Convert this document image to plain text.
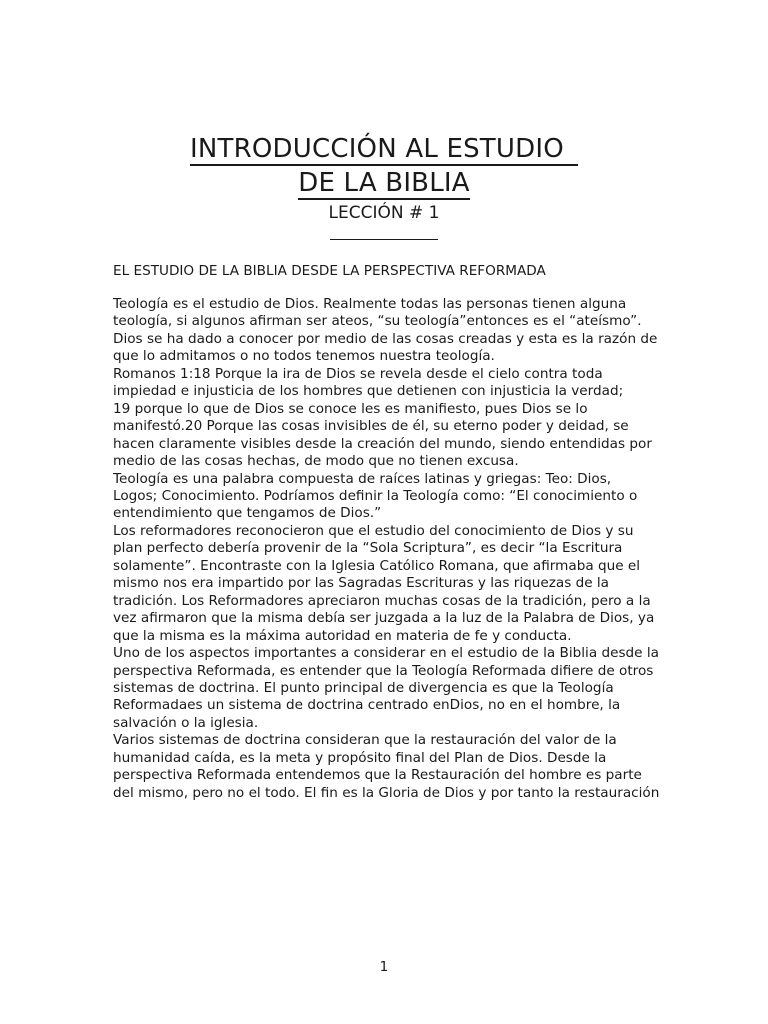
INTRODUCCIÓN AL ESTUDIO
DE LA BIBLIA
LECCIÓN # 1
EL ESTUDIO DE LA BIBLIA DESDE LA PERSPECTIVA REFORMADA
Teología es el estudio de Dios. Realmente todas las personas tienen alguna
teología, si algunos afirman ser ateos, “su teología”entonces es el “ateísmo”.
Dios se ha dado a conocer por medio de las cosas creadas y esta es la razón de
que lo admitamos o no todos tenemos nuestra teología.
Romanos 1:18 Porque la ira de Dios se revela desde el cielo contra toda
impiedad e injusticia de los hombres que detienen con injusticia la verdad;
19 porque lo que de Dios se conoce les es manifiesto, pues Dios se lo
manifestó.20 Porque las cosas invisibles de él, su eterno poder y deidad, se
hacen claramente visibles desde la creación del mundo, siendo entendidas por
medio de las cosas hechas, de modo que no tienen excusa.
Teología es una palabra compuesta de raíces latinas y griegas: Teo: Dios,
Logos; Conocimiento. Podríamos definir la Teología como: “El conocimiento o
entendimiento que tengamos de Dios.”
Los reformadores reconocieron que el estudio del conocimiento de Dios y su
plan perfecto debería provenir de la “Sola Scriptura”, es decir “la Escritura
solamente”. Encontraste con la Iglesia Católico Romana, que afirmaba que el
mismo nos era impartido por las Sagradas Escrituras y las riquezas de la
tradición. Los Reformadores apreciaron muchas cosas de la tradición, pero a la
vez afirmaron que la misma debía ser juzgada a la luz de la Palabra de Dios, ya
que la misma es la máxima autoridad en materia de fe y conducta.
Uno de los aspectos importantes a considerar en el estudio de la Biblia desde la
perspectiva Reformada, es entender que la Teología Reformada difiere de otros
sistemas de doctrina. El punto principal de divergencia es que la Teología
Reformadaes un sistema de doctrina centrado enDios, no en el hombre, la
salvación o la iglesia.
Varios sistemas de doctrina consideran que la restauración del valor de la
humanidad caída, es la meta y propósito final del Plan de Dios. Desde la
perspectiva Reformada entendemos que la Restauración del hombre es parte
del mismo, pero no el todo. El fin es la Gloria de Dios y por tanto la restauración
1
